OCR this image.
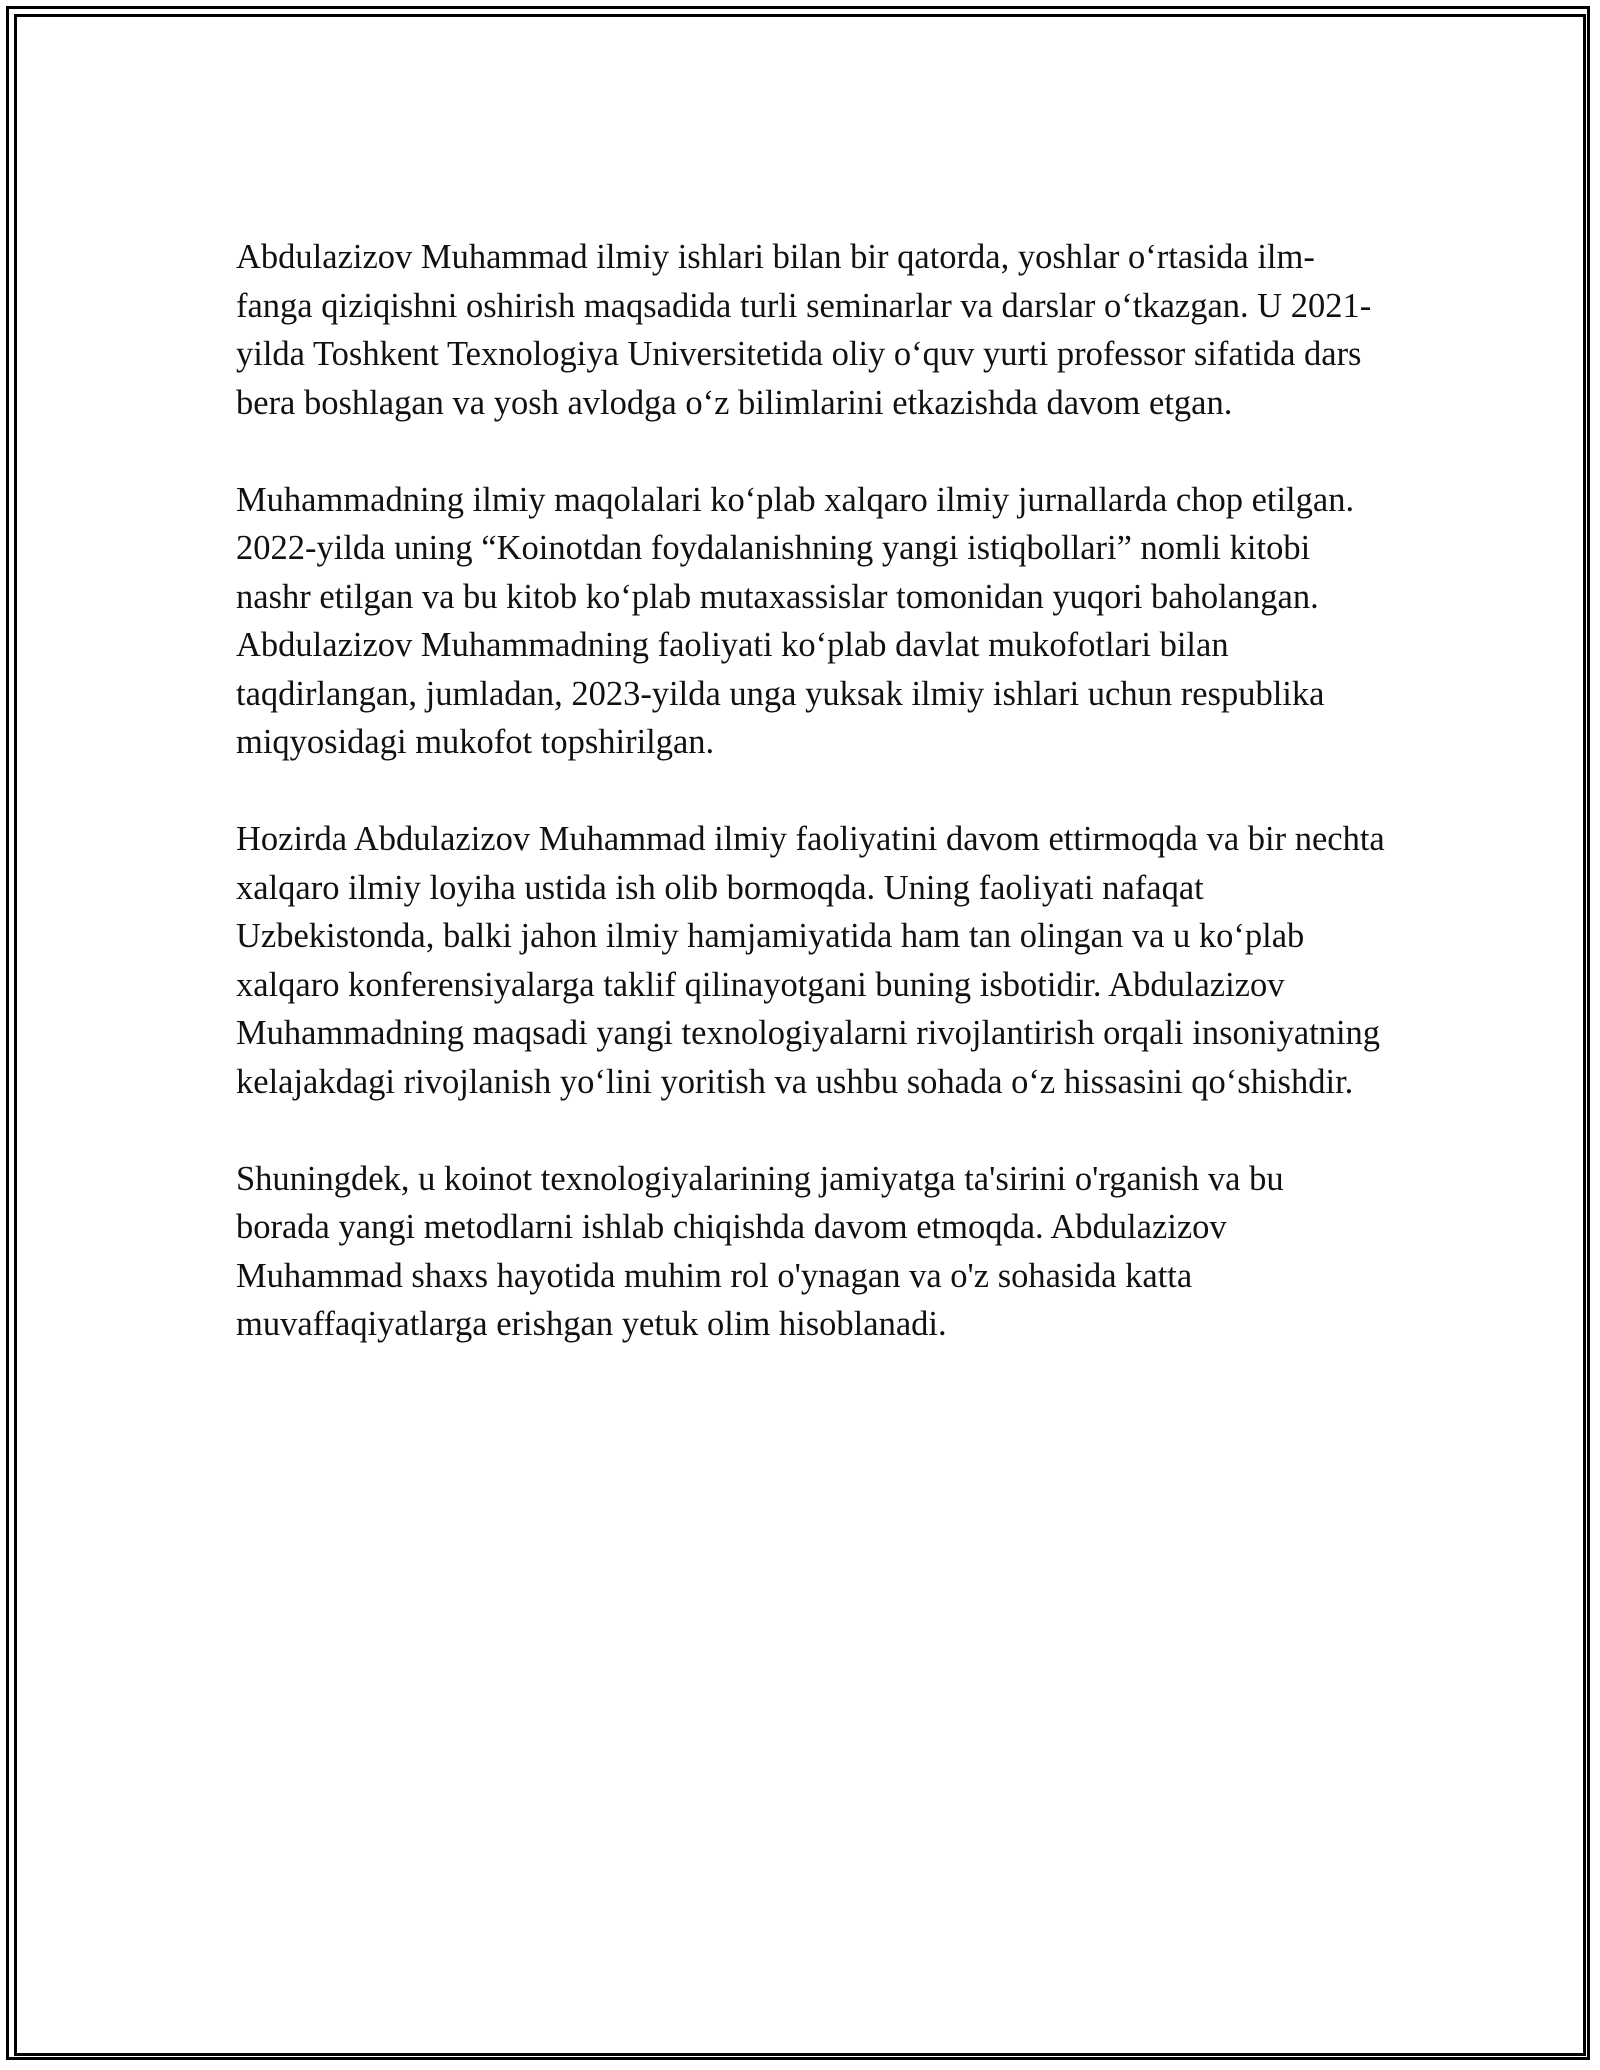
Abdulazizov Muhammad ilmiy ishlari bilan bir qatorda, yoshlar o‘rtasida ilm-fanga qiziqishni oshirish maqsadida turli seminarlar va darslar o‘tkazgan. U 2021-yilda Toshkent Texnologiya Universitetida oliy o‘quv yurti professor sifatida dars bera boshlagan va yosh avlodga o‘z bilimlarini etkazishda davom etgan.

Muhammadning ilmiy maqolalari ko‘plab xalqaro ilmiy jurnallarda chop etilgan. 2022-yilda uning “Koinotdan foydalanishning yangi istiqbollari” nomli kitobi nashr etilgan va bu kitob ko‘plab mutaxassislar tomonidan yuqori baholangan. Abdulazizov Muhammadning faoliyati ko‘plab davlat mukofotlari bilan taqdirlangan, jumladan, 2023-yilda unga yuksak ilmiy ishlari uchun respublika miqyosidagi mukofot topshirilgan.

Hozirda Abdulazizov Muhammad ilmiy faoliyatini davom ettirmoqda va bir nechta xalqaro ilmiy loyiha ustida ish olib bormoqda. Uning faoliyati nafaqat Uzbekistonda, balki jahon ilmiy hamjamiyatida ham tan olingan va u ko‘plab xalqaro konferensiyalarga taklif qilinayotgani buning isbotidir. Abdulazizov Muhammadning maqsadi yangi texnologiyalarni rivojlantirish orqali insoniyatning kelajakdagi rivojlanish yo‘lini yoritish va ushbu sohada o‘z hissasini qo‘shishdir.

Shuningdek, u koinot texnologiyalarining jamiyatga ta'sirini o'rganish va bu borada yangi metodlarni ishlab chiqishda davom etmoqda. Abdulazizov Muhammad shaxs hayotida muhim rol o'ynagan va o'z sohasida katta muvaffaqiyatlarga erishgan yetuk olim hisoblanadi.
